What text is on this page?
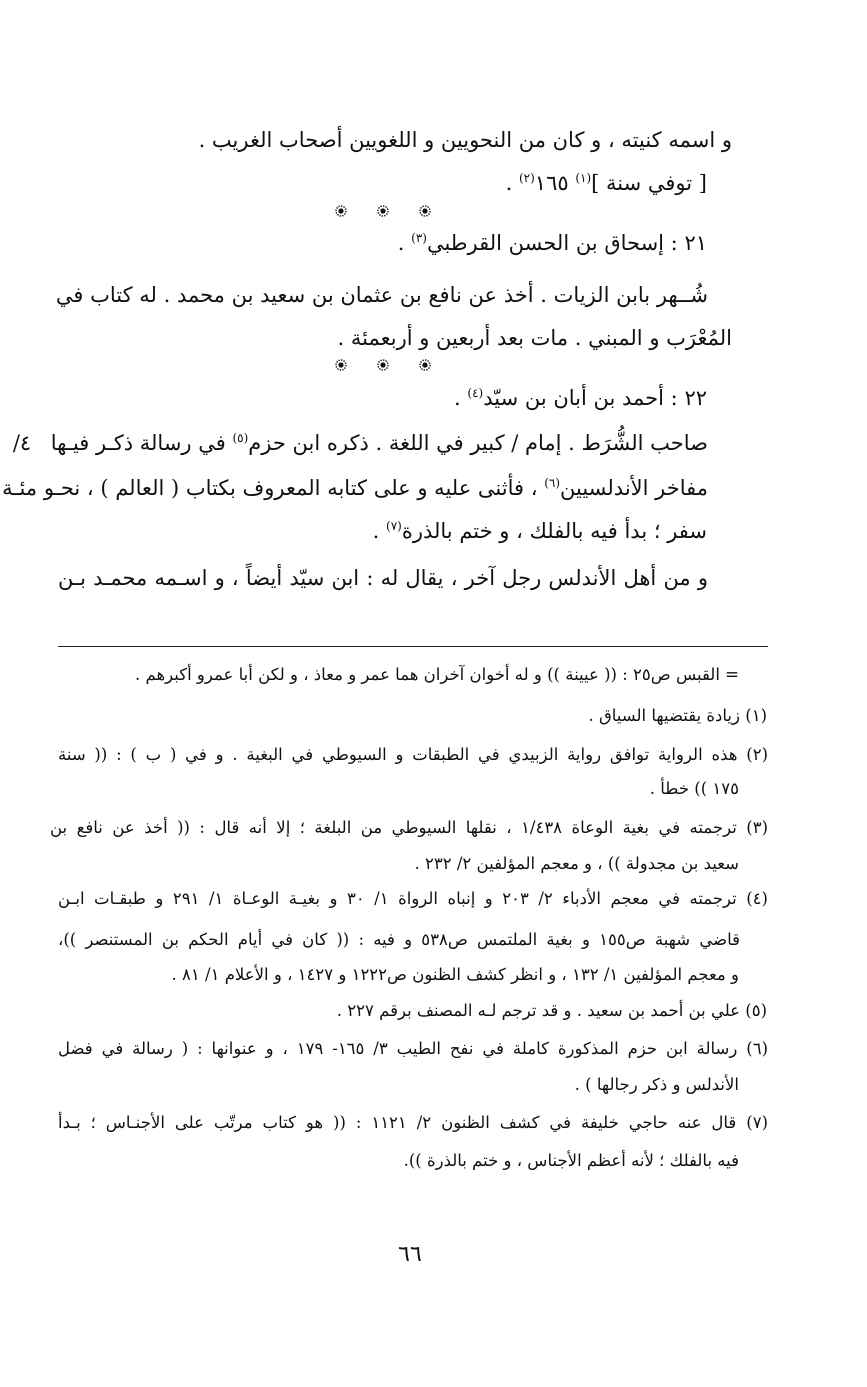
و اسمه كنيته ، و كان من النحويين و اللغويين أصحاب الغريب .
[ توفي سنة ]$^{(١)}$ ١٦٥$^{(٢)}$ .
٢١ : إسحاق بن الحسن القرطبي$^{(٣)}$ .
شُــهر بابن الزيات . أخذ عن نافع بن عثمان بن سعيد بن محمد . له كتاب في
المُعْرَب و المبني . مات بعد أربعين و أربعمئة .
٢٢ : أحمد بن أبان بن سيّد$^{(٤)}$ .
٤/	صاحب الشُّرَط . إمام / كبير في اللغة . ذكره ابن حزم$^{(٥)}$ في رسالة ذكـر فيـها
مفاخر الأندلسيين$^{(٦)}$ ، فأثنى عليه و على كتابه المعروف بكتاب ( العالم ) ، نحـو مئـة
سفر ؛ بدأ فيه بالفلك ، و ختم بالذرة$^{(٧)}$ .
و من أهل الأندلس رجل آخر ، يقال له : ابن سيّد أيضاً ، و اسـمه محمـد بـن
= القبس ص٢٥ : (( عيينة )) و له أخوان آخران هما عمر و معاذ ، و لكن أبا عمرو أكبرهم .
(١) زيادة يقتضيها السياق .
(٢) هذه الرواية توافق رواية الزبيدي في الطبقات و السيوطي في البغية . و في ( ب ) : (( سنة
١٧٥ )) خطأ .
(٣) ترجمته في بغية الوعاة ١/٤٣٨ ، نقلها السيوطي من البلغة ؛ إلا أنه قال : (( أخذ عن نافع بن
سعيد بن مجدولة )) ، و معجم المؤلفين ٢/ ٢٣٢ .
(٤) ترجمته في معجم الأدباء ٢/ ٢٠٣ و إنباه الرواة ١/ ٣٠ و بغيـة الوعـاة ١/ ٢٩١ و طبقـات ابـن
قاضي شهبة ص١٥٥ و بغية الملتمس ص٥٣٨ و فيه : (( كان في أيام الحكم بن المستنصر ))،
و معجم المؤلفين ١/ ١٣٢ ، و انظر كشف الظنون ص١٢٢٢ و ١٤٢٧ ، و الأعلام ١/ ٨١ .
(٥) علي بن أحمد بن سعيد . و قد ترجم لـه المصنف برقم ٢٢٧ .
(٦) رسالة ابن حزم المذكورة كاملة في نفح الطيب ٣/ ١٦٥- ١٧٩ ، و عنوانها : ( رسالة في فضل
الأندلس و ذكر رجالها ) .
(٧) قال عنه حاجي خليفة في كشف الظنون ٢/ ١١٢١ : (( هو كتاب مرتّب على الأجنـاس ؛ بـدأ
فيه بالفلك ؛ لأنه أعظم الأجناس ، و ختم بالذرة )).
٦٦
